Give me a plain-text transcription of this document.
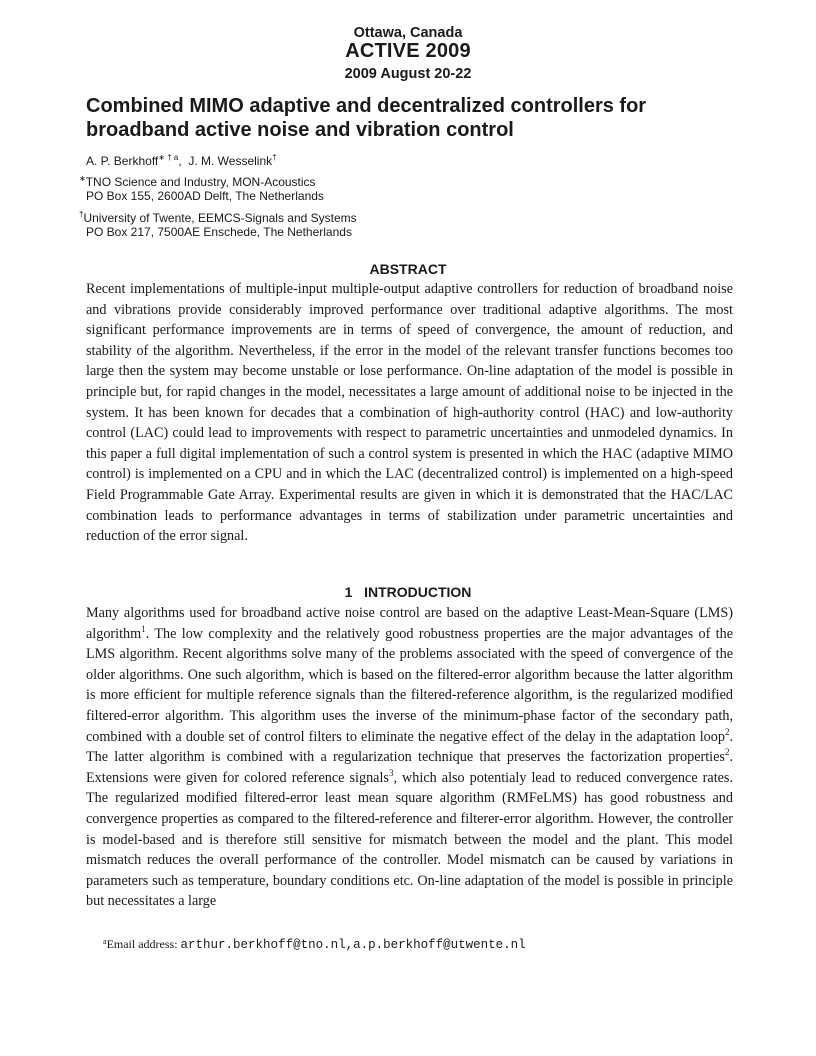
Ottawa, Canada
ACTIVE 2009
2009 August 20-22
Combined MIMO adaptive and decentralized controllers for broadband active noise and vibration control
A. P. Berkhoff$^{∗ \dagger a}$, J. M. Wesselink†
∗TNO Science and Industry, MON-Acoustics
PO Box 155, 2600AD Delft, The Netherlands
†University of Twente, EEMCS-Signals and Systems
PO Box 217, 7500AE Enschede, The Netherlands
ABSTRACT
Recent implementations of multiple-input multiple-output adaptive controllers for reduction of broadband noise and vibrations provide considerably improved performance over traditional adaptive algorithms. The most significant performance improvements are in terms of speed of convergence, the amount of reduction, and stability of the algorithm. Nevertheless, if the error in the model of the relevant transfer functions becomes too large then the system may become unstable or lose performance. On-line adaptation of the model is possible in principle but, for rapid changes in the model, necessitates a large amount of additional noise to be injected in the system. It has been known for decades that a combination of high-authority control (HAC) and low-authority control (LAC) could lead to improvements with respect to parametric uncertainties and unmodeled dynamics. In this paper a full digital implementation of such a control system is presented in which the HAC (adaptive MIMO control) is implemented on a CPU and in which the LAC (decentralized control) is implemented on a high-speed Field Programmable Gate Array. Experimental results are given in which it is demonstrated that the HAC/LAC combination leads to performance advantages in terms of stabilization under parametric uncertainties and reduction of the error signal.
1 INTRODUCTION
Many algorithms used for broadband active noise control are based on the adaptive Least-Mean-Square (LMS) algorithm$^1$. The low complexity and the relatively good robustness properties are the major advantages of the LMS algorithm. Recent algorithms solve many of the problems associated with the speed of convergence of the older algorithms. One such algorithm, which is based on the filtered-error algorithm because the latter algorithm is more efficient for multiple reference signals than the filtered-reference algorithm, is the regularized modified filtered-error algorithm. This algorithm uses the inverse of the minimum-phase factor of the secondary path, combined with a double set of control filters to eliminate the negative effect of the delay in the adaptation loop$^2$. The latter algorithm is combined with a regularization technique that preserves the factorization properties$^2$. Extensions were given for colored reference signals$^3$, which also potentialy lead to reduced convergence rates. The regularized modified filtered-error least mean square algorithm (RMFeLMS) has good robustness and convergence properties as compared to the filtered-reference and filterer-error algorithm. However, the controller is model-based and is therefore still sensitive for mismatch between the model and the plant. This model mismatch reduces the overall performance of the controller. Model mismatch can be caused by variations in parameters such as temperature, boundary conditions etc. On-line adaptation of the model is possible in principle but necessitates a large
$^a$Email address: arthur.berkhoff@tno.nl,a.p.berkhoff@utwente.nl
